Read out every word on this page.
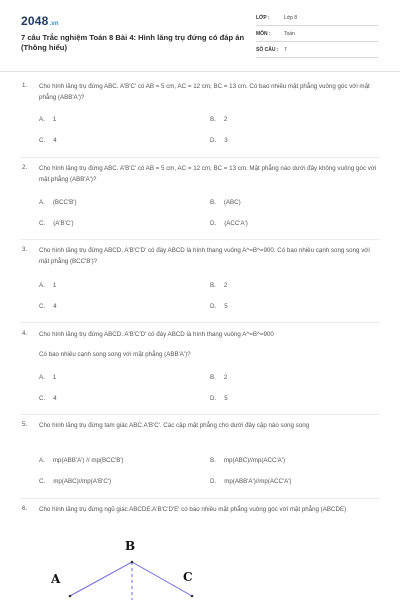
2048.vn
7 câu Trắc nghiệm Toán 8 Bài 4: Hình lăng trụ đứng có đáp án (Thông hiểu)
LỚP :	Lớp 8
MÔN :	Toán
SỐ CÂU : 7
1. Cho hình lăng trụ đứng ABC. A'B'C' có AB = 5 cm, AC = 12 cm, BC = 13 cm. Có bao nhiêu mặt phẳng vuông góc với mặt phẳng (ABB'A')?
A. 1	B. 2
C. 4	D. 3
2. Cho hình lăng trụ đứng ABC. A'B'C' có AB = 5 cm, AC = 12 cm, BC = 13 cm. Mặt phẳng nào dưới đây không vuông góc với mặt phẳng (ABB'A')?
A. (BCC'B')	B. (ABC)
C. (A'B'C')	D. (ACC'A')
3. Cho hình lăng trụ đứng ABCD. A'B'C'D' có đáy ABCD là hình thang vuông A^=B^=900. Có bao nhiêu cạnh song song với mặt phẳng (BCC'B')?
A. 1	B. 2
C. 4	D. 5
4. Cho hình lăng trụ đứng ABCD. A'B'C'D' có đáy ABCD là hình thang vuông A^=B^=900
Có bao nhiêu cạnh song song với mặt phẳng (ABB'A')?
A. 1	B. 2
C. 4	D. 5
5. Cho hình lăng trụ đứng tam giác ABC.A'B'C'. Các cặp mặt phẳng cho dưới đây cặp nào song song
A. mp(ABB'A') // mp(BCC'B')	B. mp(ABC)//mp(ACC'A')
C. mp(ABC)//mp(A'B'C')	D. mp(ABB'A')//mp(ACC'A')
6. Cho hình lăng trụ đứng ngũ giác ABCDE.A'B'C'D'E' có bao nhiêu mặt phẳng vuông góc với mặt phẳng (ABCDE)
B
A	C
